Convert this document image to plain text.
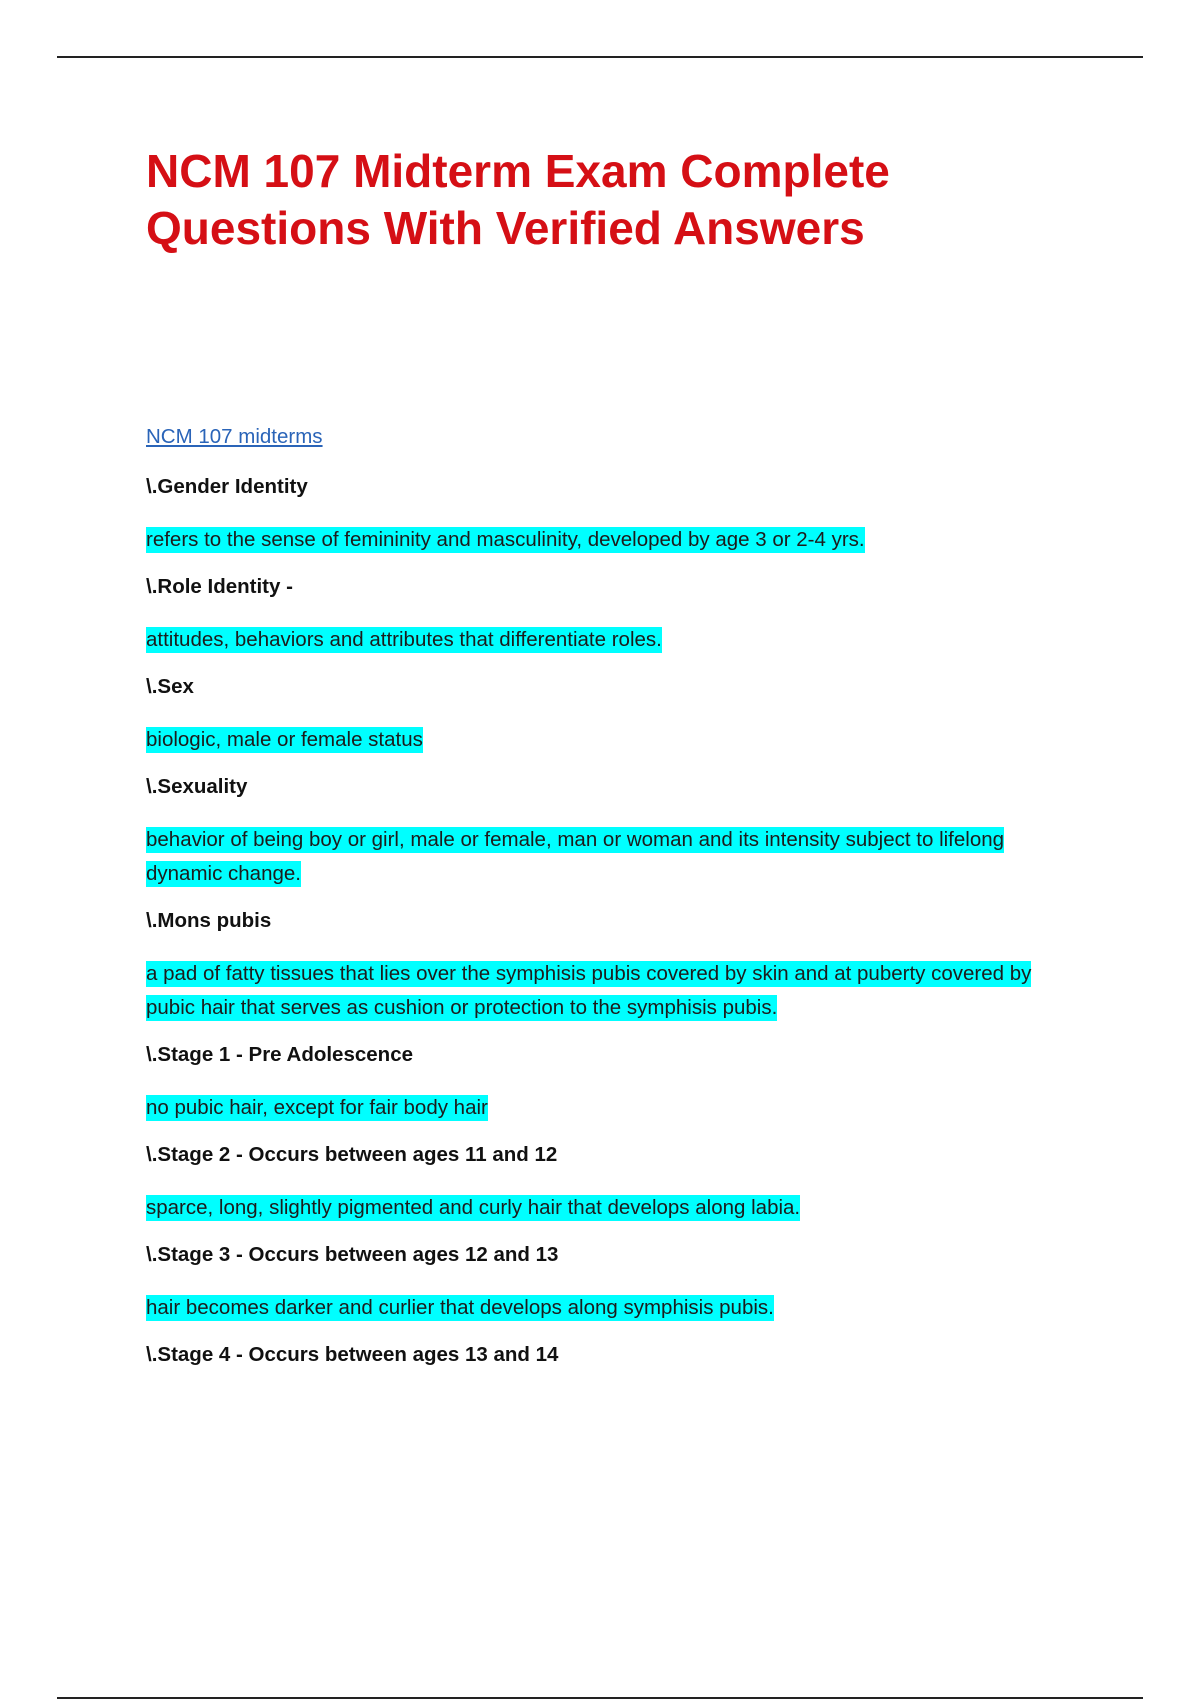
NCM 107 Midterm Exam Complete Questions With Verified Answers
NCM 107 midterms

\.Gender Identity

refers to the sense of femininity and masculinity, developed by age 3 or 2-4 yrs.

\.Role Identity -

attitudes, behaviors and attributes that differentiate roles.

\.Sex

biologic, male or female status

\.Sexuality

behavior of being boy or girl, male or female, man or woman and its intensity subject to lifelong dynamic change.

\.Mons pubis

a pad of fatty tissues that lies over the symphisis pubis covered by skin and at puberty covered by pubic hair that serves as cushion or protection to the symphisis pubis.

\.Stage 1 - Pre Adolescence

no pubic hair, except for fair body hair

\.Stage 2 - Occurs between ages 11 and 12

sparce, long, slightly pigmented and curly hair that develops along labia.

\.Stage 3 - Occurs between ages 12 and 13

hair becomes darker and curlier that develops along symphisis pubis.

\.Stage 4 - Occurs between ages 13 and 14
